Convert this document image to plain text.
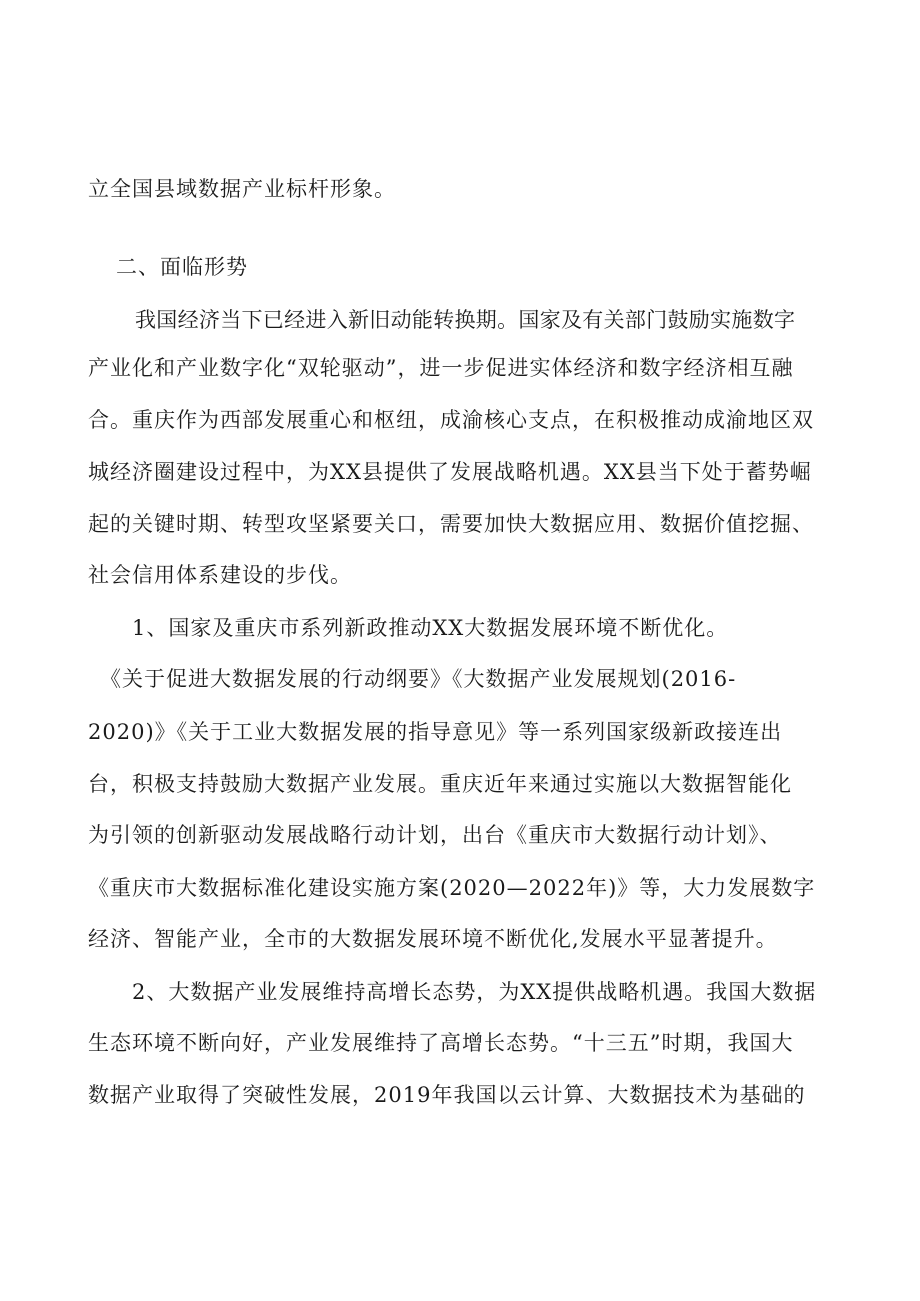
立全国县域数据产业标杆形象。
二、面临形势
我国经济当下已经进入新旧动能转换期。国家及有关部门鼓励实施数字
产业化和产业数字化“双轮驱动”，进一步促进实体经济和数字经济相互融
合。重庆作为西部发展重心和枢纽，成渝核心支点，在积极推动成渝地区双
城经济圈建设过程中，为XX县提供了发展战略机遇。XX县当下处于蓄势崛
起的关键时期、转型攻坚紧要关口，需要加快大数据应用、数据价值挖掘、
社会信用体系建设的步伐。
1、国家及重庆市系列新政推动XX大数据发展环境不断优化。
《关于促进大数据发展的行动纲要》《大数据产业发展规划(2016-
2020)》《关于工业大数据发展的指导意见》等一系列国家级新政接连出
台，积极支持鼓励大数据产业发展。重庆近年来通过实施以大数据智能化
为引领的创新驱动发展战略行动计划，出台《重庆市大数据行动计划》、
《重庆市大数据标准化建设实施方案(2020—2022年)》等，大力发展数字
经济、智能产业，全市的大数据发展环境不断优化,发展水平显著提升。
2、大数据产业发展维持高增长态势，为XX提供战略机遇。我国大数据
生态环境不断向好，产业发展维持了高增长态势。“十三五”时期，我国大
数据产业取得了突破性发展，2019年我国以云计算、大数据技术为基础的
